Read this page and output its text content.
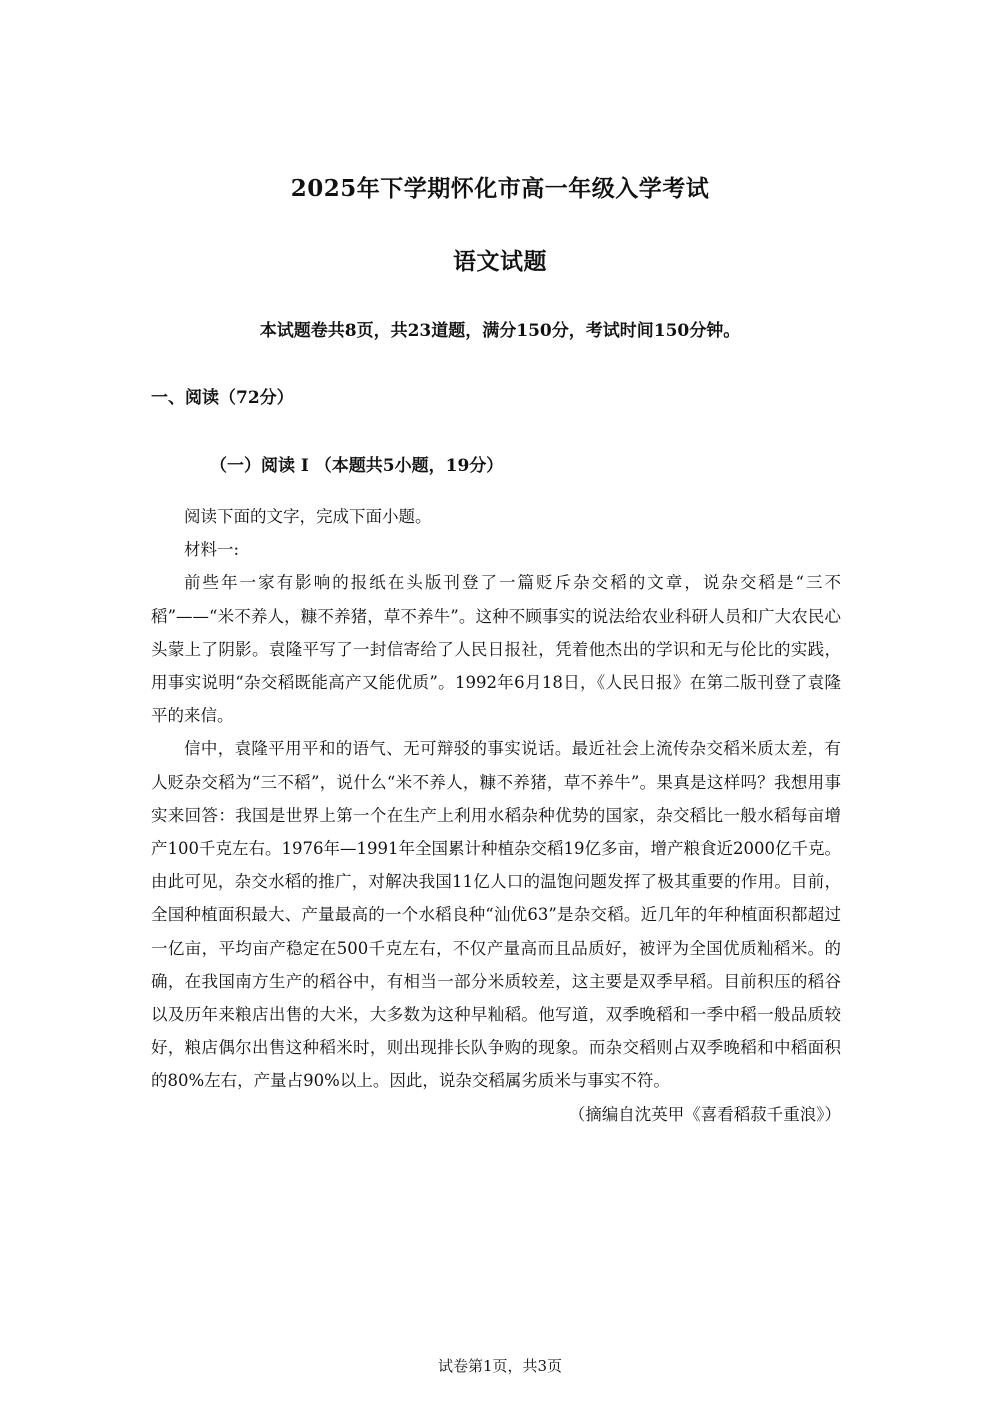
2025年下学期怀化市高一年级入学考试
语文试题

本试题卷共8页，共23道题，满分150分，考试时间150分钟。

一、阅读（72分）
（一）阅读 I （本题共5小题，19分）

阅读下面的文字，完成下面小题。

材料一:

前些年一家有影响的报纸在头版刊登了一篇贬斥杂交稻的文章，说杂交稻是“三不稻”——“米不养人，糠不养猪，草不养牛”。这种不顾事实的说法给农业科研人员和广大农民心头蒙上了阴影。袁隆平写了一封信寄给了人民日报社，凭着他杰出的学识和无与伦比的实践，用事实说明“杂交稻既能高产又能优质”。1992年6月18日，《人民日报》在第二版刊登了袁隆平的来信。

信中，袁隆平用平和的语气、无可辩驳的事实说话。最近社会上流传杂交稻米质太差，有人贬杂交稻为“三不稻”，说什么“米不养人，糠不养猪，草不养牛”。果真是这样吗？我想用事实来回答：我国是世界上第一个在生产上利用水稻杂种优势的国家，杂交稻比一般水稻每亩增产100千克左右。1976年—1991年全国累计种植杂交稻19亿多亩，增产粮食近2000亿千克。由此可见，杂交水稻的推广，对解决我国11亿人口的温饱问题发挥了极其重要的作用。目前，全国种植面积最大、产量最高的一个水稻良种“汕优63”是杂交稻。近几年的年种植面积都超过一亿亩，平均亩产稳定在500千克左右，不仅产量高而且品质好，被评为全国优质籼稻米。的确，在我国南方生产的稻谷中，有相当一部分米质较差，这主要是双季早稻。目前积压的稻谷以及历年来粮店出售的大米，大多数为这种早籼稻。他写道，双季晚稻和一季中稻一般品质较好，粮店偶尔出售这种稻米时，则出现排长队争购的现象。而杂交稻则占双季晚稻和中稻面积的80%左右，产量占90%以上。因此，说杂交稻属劣质米与事实不符。

（摘编自沈英甲《喜看稻菽千重浪》）

试卷第1页，共3页
